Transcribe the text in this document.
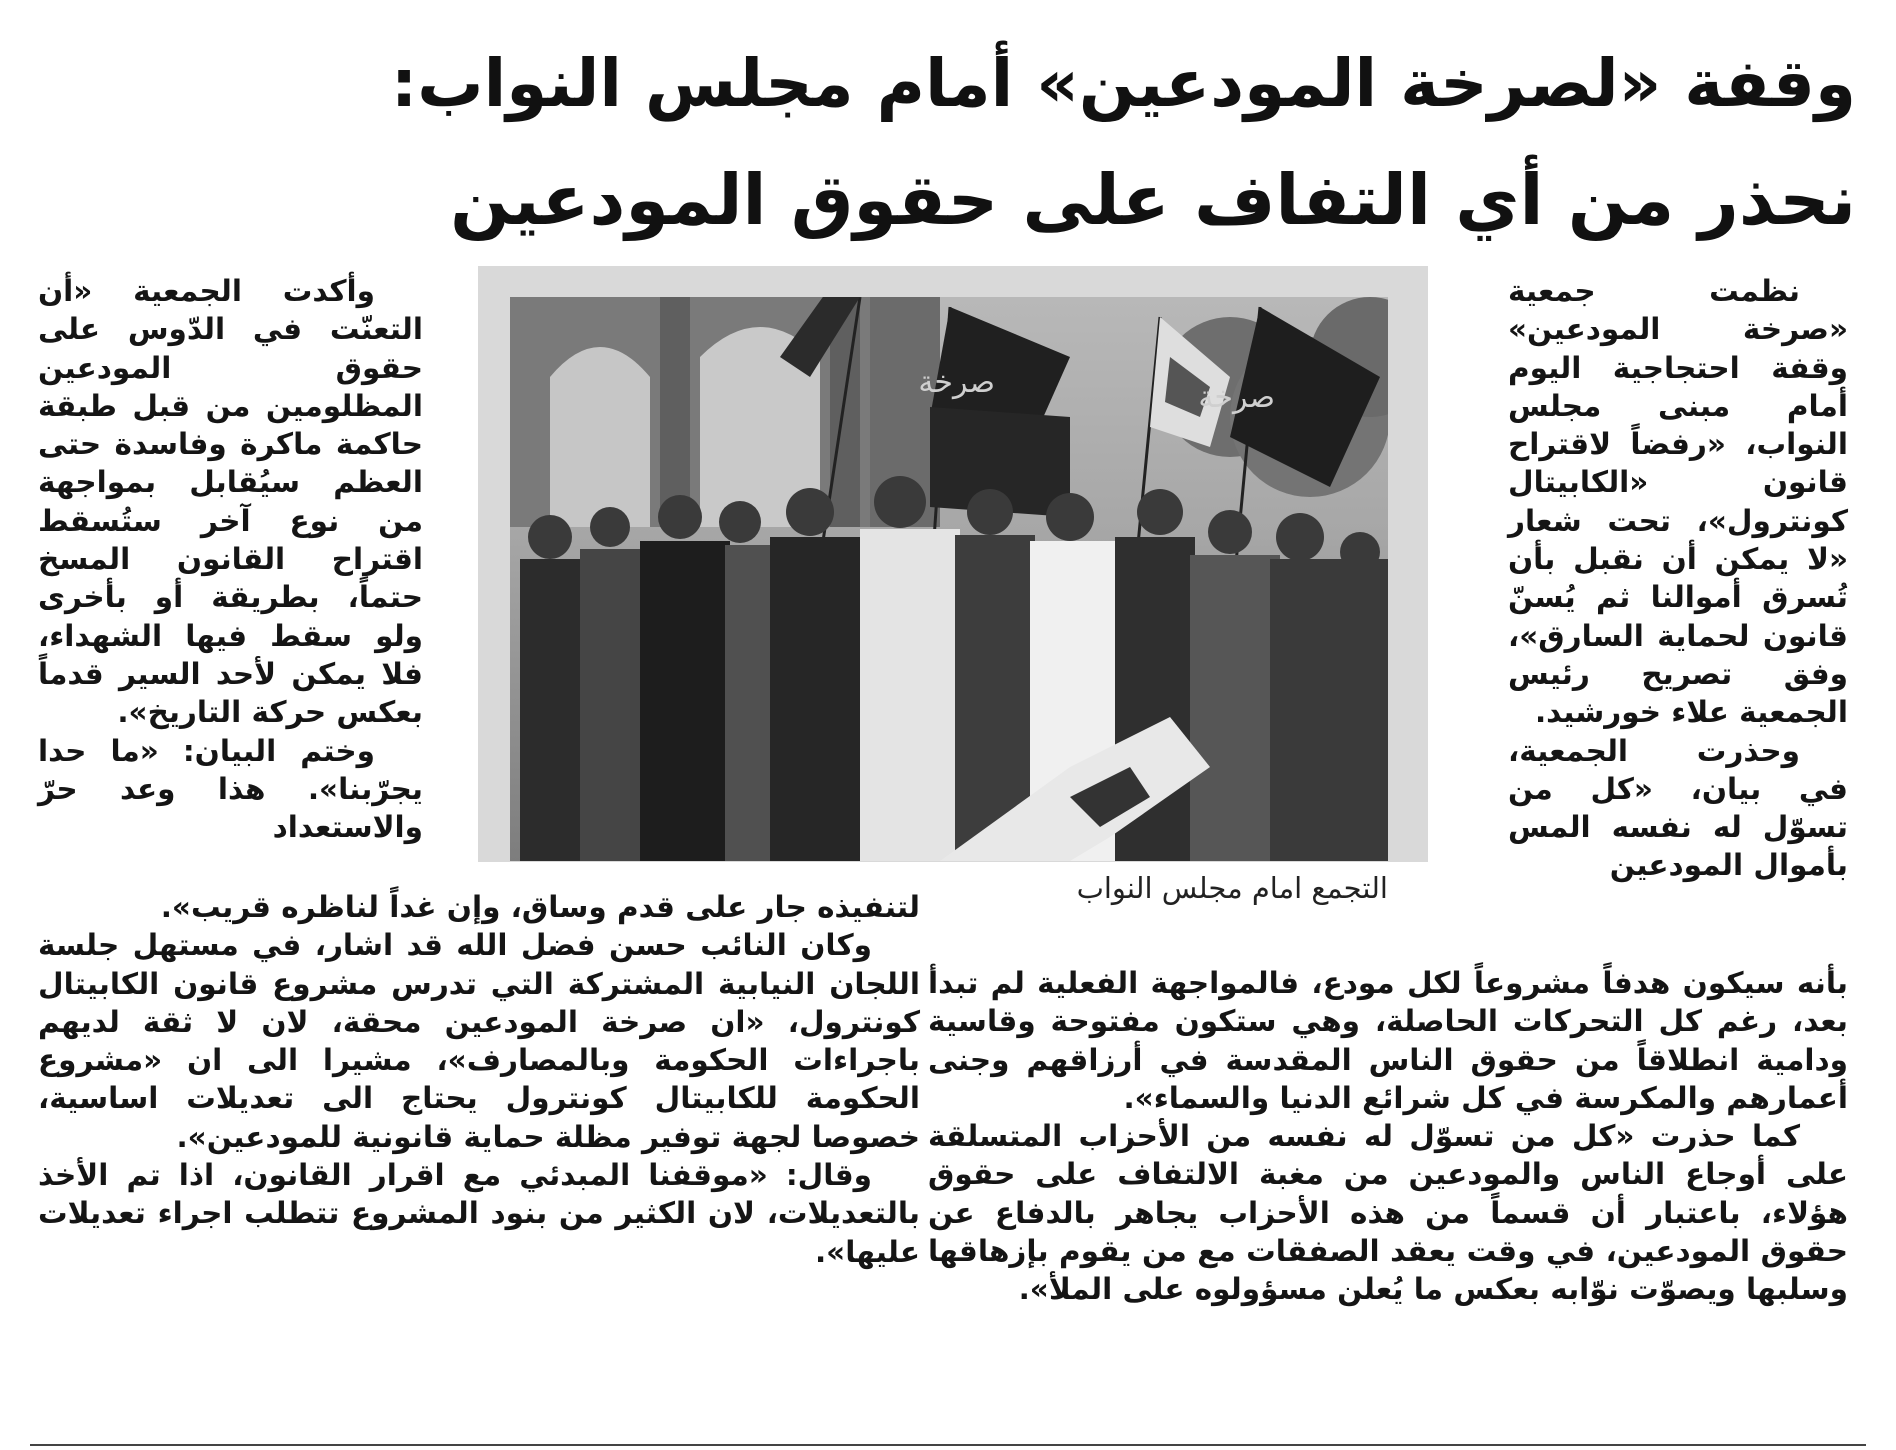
وقفة «لصرخة المودعين» أمام مجلس النواب:
نحذر من أي التفاف على حقوق المودعين
صرخة	صرخة
التجمع امام مجلس النواب

نظمت جمعية «صرخة المودعين» وقفة احتجاجية اليوم أمام مبنى مجلس النواب، «رفضاً لاقتراح قانون «الكابيتال كونترول»، تحت شعار «لا يمكن أن نقبل بأن تُسرق أموالنا ثم يُسنّ قانون لحماية السارق»، وفق تصريح رئيس الجمعية علاء خورشيد.

وحذرت الجمعية، في بيان، «كل من تسوّل له نفسه المس بأموال المودعين

وأكدت الجمعية «أن التعنّت في الدّوس على حقوق المودعين المظلومين من قبل طبقة حاكمة ماكرة وفاسدة حتى العظم سيُقابل بمواجهة من نوع آخر ستُسقط اقتراح القانون المسخ حتماً، بطريقة أو بأخرى ولو سقط فيها الشهداء، فلا يمكن لأحد السير قدماً بعكس حركة التاريخ».

وختم البيان: «ما حدا يجرّبنا». هذا وعد حرّ والاستعداد

بأنه سيكون هدفاً مشروعاً لكل مودع، فالمواجهة الفعلية لم تبدأ بعد، رغم كل التحركات الحاصلة، وهي ستكون مفتوحة وقاسية ودامية انطلاقاً من حقوق الناس المقدسة في أرزاقهم وجنى أعمارهم والمكرسة في كل شرائع الدنيا والسماء».

كما حذرت «كل من تسوّل له نفسه من الأحزاب المتسلقة على أوجاع الناس والمودعين من مغبة الالتفاف على حقوق هؤلاء، باعتبار أن قسماً من هذه الأحزاب يجاهر بالدفاع عن حقوق المودعين، في وقت يعقد الصفقات مع من يقوم بإزهاقها وسلبها ويصوّت نوّابه بعكس ما يُعلن مسؤولوه على الملأ».

لتنفيذه جار على قدم وساق، وإن غداً لناظره قريب».

وكان النائب حسن فضل الله قد اشار، في مستهل جلسة اللجان النيابية المشتركة التي تدرس مشروع قانون الكابيتال كونترول، «ان صرخة المودعين محقة، لان لا ثقة لديهم باجراءات الحكومة وبالمصارف»، مشيرا الى ان «مشروع الحكومة للكابيتال كونترول يحتاج الى تعديلات اساسية، خصوصا لجهة توفير مظلة حماية قانونية للمودعين».

وقال: «موقفنا المبدئي مع اقرار القانون، اذا تم الأخذ بالتعديلات، لان الكثير من بنود المشروع تتطلب اجراء تعديلات عليها».
